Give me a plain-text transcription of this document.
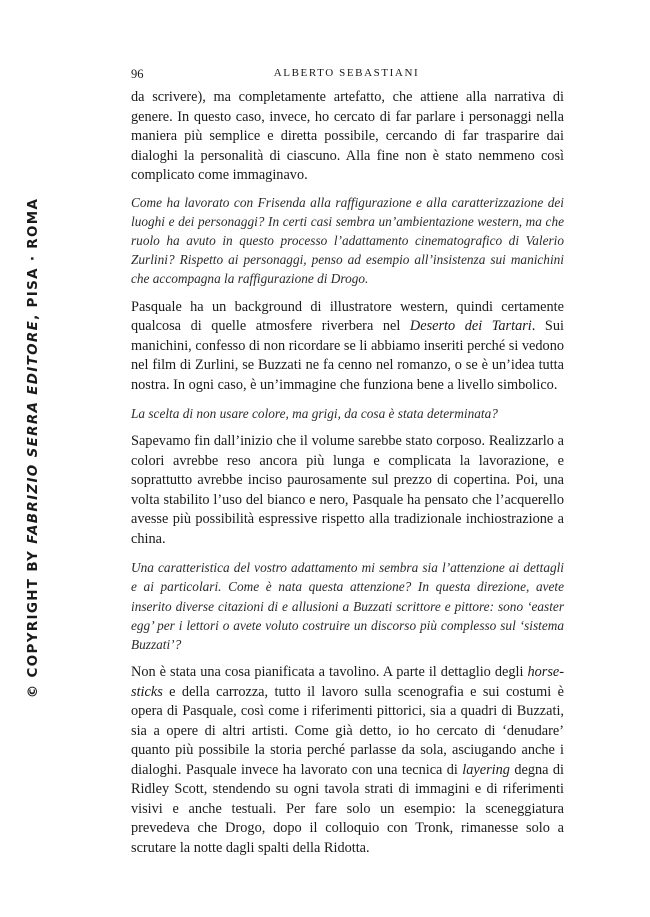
© COPYRIGHT BY FABRIZIO SERRA EDITORE, PISA · ROMA
96	ALBERTO SEBASTIANI

da scrivere), ma completamente artefatto, che attiene alla narrativa di genere. In questo caso, invece, ho cercato di far parlare i personaggi nella maniera più semplice e diretta possibile, cercando di far trasparire dai dialoghi la personalità di ciascuno. Alla fine non è stato nemmeno così complicato come immaginavo.

Come ha lavorato con Frisenda alla raffigurazione e alla caratterizzazione dei luoghi e dei personaggi? In certi casi sembra un’ambientazione western, ma che ruolo ha avuto in questo processo l’adattamento cinematografico di Valerio Zurlini? Rispetto ai personaggi, penso ad esempio all’insistenza sui manichini che accompagna la raffigurazione di Drogo.

Pasquale ha un background di illustratore western, quindi certamente qualcosa di quelle atmosfere riverbera nel Deserto dei Tartari. Sui manichini, confesso di non ricordare se li abbiamo inseriti perché si vedono nel film di Zurlini, se Buzzati ne fa cenno nel romanzo, o se è un’idea tutta nostra. In ogni caso, è un’immagine che funziona bene a livello simbolico.

La scelta di non usare colore, ma grigi, da cosa è stata determinata?

Sapevamo fin dall’inizio che il volume sarebbe stato corposo. Realizzarlo a colori avrebbe reso ancora più lunga e complicata la lavorazione, e soprattutto avrebbe inciso paurosamente sul prezzo di copertina. Poi, una volta stabilito l’uso del bianco e nero, Pasquale ha pensato che l’acquerello avesse più possibilità espressive rispetto alla tradizionale inchiostrazione a china.

Una caratteristica del vostro adattamento mi sembra sia l’attenzione ai dettagli e ai particolari. Come è nata questa attenzione? In questa direzione, avete inserito diverse citazioni di e allusioni a Buzzati scrittore e pittore: sono ‘easter egg’ per i lettori o avete voluto costruire un discorso più complesso sul ‘sistema Buzzati’?

Non è stata una cosa pianificata a tavolino. A parte il dettaglio degli horse-sticks e della carrozza, tutto il lavoro sulla scenografia e sui costumi è opera di Pasquale, così come i riferimenti pittorici, sia a quadri di Buzzati, sia a opere di altri artisti. Come già detto, io ho cercato di ‘denudare’ quanto più possibile la storia perché parlasse da sola, asciugando anche i dialoghi. Pasquale invece ha lavorato con una tecnica di layering degna di Ridley Scott, stendendo su ogni tavola strati di immagini e di riferimenti visivi e anche testuali. Per fare solo un esempio: la sceneggiatura prevedeva che Drogo, dopo il colloquio con Tronk, rimanesse solo a scrutare la notte dagli spalti della Ridotta.
